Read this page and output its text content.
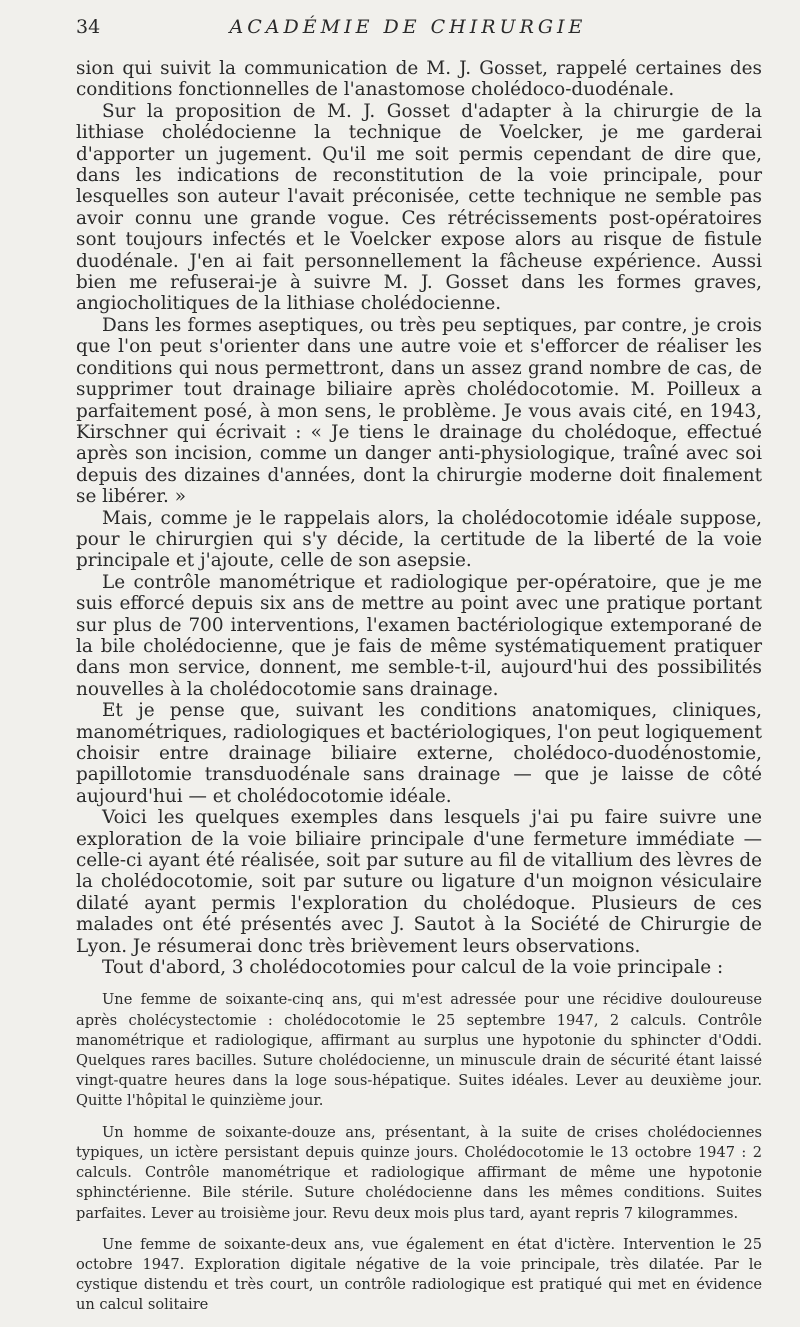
34	ACADÉMIE DE CHIRURGIE

sion qui suivit la communication de M. J. Gosset, rappelé certaines des conditions fonctionnelles de l'anastomose cholédoco-duodénale.

Sur la proposition de M. J. Gosset d'adapter à la chirurgie de la lithiase cholédocienne la technique de Voelcker, je me garderai d'apporter un jugement. Qu'il me soit permis cependant de dire que, dans les indications de reconstitution de la voie principale, pour lesquelles son auteur l'avait préconisée, cette technique ne semble pas avoir connu une grande vogue. Ces rétrécissements post-opératoires sont toujours infectés et le Voelcker expose alors au risque de fistule duodénale. J'en ai fait personnellement la fâcheuse expérience. Aussi bien me refuserai-je à suivre M. J. Gosset dans les formes graves, angiocholitiques de la lithiase cholédocienne.

Dans les formes aseptiques, ou très peu septiques, par contre, je crois que l'on peut s'orienter dans une autre voie et s'efforcer de réaliser les conditions qui nous permettront, dans un assez grand nombre de cas, de supprimer tout drainage biliaire après cholédocotomie. M. Poilleux a parfaitement posé, à mon sens, le problème. Je vous avais cité, en 1943, Kirschner qui écrivait : « Je tiens le drainage du cholédoque, effectué après son incision, comme un danger anti-physiologique, traîné avec soi depuis des dizaines d'années, dont la chirurgie moderne doit finalement se libérer. »

Mais, comme je le rappelais alors, la cholédocotomie idéale suppose, pour le chirurgien qui s'y décide, la certitude de la liberté de la voie principale et j'ajoute, celle de son asepsie.

Le contrôle manométrique et radiologique per-opératoire, que je me suis efforcé depuis six ans de mettre au point avec une pratique portant sur plus de 700 interventions, l'examen bactériologique extemporané de la bile cholédocienne, que je fais de même systématiquement pratiquer dans mon service, donnent, me semble-t-il, aujourd'hui des possibilités nouvelles à la cholédocotomie sans drainage.

Et je pense que, suivant les conditions anatomiques, cliniques, manométriques, radiologiques et bactériologiques, l'on peut logiquement choisir entre drainage biliaire externe, cholédoco-duodénostomie, papillotomie transduodénale sans drainage — que je laisse de côté aujourd'hui — et cholédocotomie idéale.

Voici les quelques exemples dans lesquels j'ai pu faire suivre une exploration de la voie biliaire principale d'une fermeture immédiate — celle-ci ayant été réalisée, soit par suture au fil de vitallium des lèvres de la cholédocotomie, soit par suture ou ligature d'un moignon vésiculaire dilaté ayant permis l'exploration du cholédoque. Plusieurs de ces malades ont été présentés avec J. Sautot à la Société de Chirurgie de Lyon. Je résumerai donc très brièvement leurs observations.

Tout d'abord, 3 cholédocotomies pour calcul de la voie principale :

Une femme de soixante-cinq ans, qui m'est adressée pour une récidive douloureuse après cholécystectomie : cholédocotomie le 25 septembre 1947, 2 calculs. Contrôle manométrique et radiologique, affirmant au surplus une hypotonie du sphincter d'Oddi. Quelques rares bacilles. Suture cholédocienne, un minuscule drain de sécurité étant laissé vingt-quatre heures dans la loge sous-hépatique. Suites idéales. Lever au deuxième jour. Quitte l'hôpital le quinzième jour.

Un homme de soixante-douze ans, présentant, à la suite de crises cholédociennes typiques, un ictère persistant depuis quinze jours. Cholédocotomie le 13 octobre 1947 : 2 calculs. Contrôle manométrique et radiologique affirmant de même une hypotonie sphinctérienne. Bile stérile. Suture cholédocienne dans les mêmes conditions. Suites parfaites. Lever au troisième jour. Revu deux mois plus tard, ayant repris 7 kilogrammes.

Une femme de soixante-deux ans, vue également en état d'ictère. Intervention le 25 octobre 1947. Exploration digitale négative de la voie principale, très dilatée. Par le cystique distendu et très court, un contrôle radiologique est pratiqué qui met en évidence un calcul solitaire
